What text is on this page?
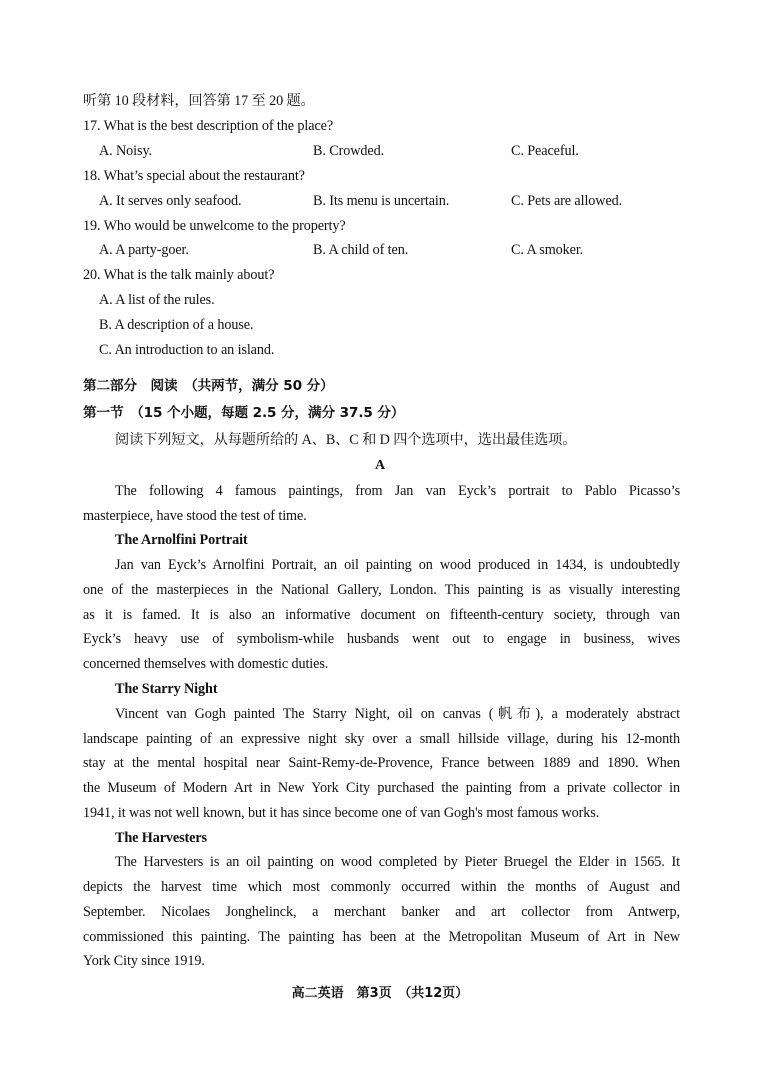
听第 10 段材料，回答第 17 至 20 题。
17. What is the best description of the place?
A. Noisy.	B. Crowded.	C. Peaceful.
18. What’s special about the restaurant?
A. It serves only seafood.	B. Its menu is uncertain.	C. Pets are allowed.
19. Who would be unwelcome to the property?
A. A party-goer.	B. A child of ten.	C. A smoker.
20. What is the talk mainly about?
A. A list of the rules.
B. A description of a house.
C. An introduction to an island.
第二部分　阅读　（共两节，满分 50 分）
第一节　（15 个小题，每题 2.5 分，满分 37.5 分）
阅读下列短文，从每题所给的 A、B、C 和 D 四个选项中，选出最佳选项。
A
The following 4 famous paintings, from Jan van Eyck’s portrait to Pablo Picasso’s
masterpiece, have stood the test of time.
The Arnolfini Portrait
Jan van Eyck’s Arnolfini Portrait, an oil painting on wood produced in 1434, is undoubtedly
one of the masterpieces in the National Gallery, London. This painting is as visually interesting
as it is famed. It is also an informative document on fifteenth-century society, through van
Eyck’s heavy use of symbolism-while husbands went out to engage in business, wives
concerned themselves with domestic duties.
The Starry Night
Vincent van Gogh painted The Starry Night, oil on canvas (帆布), a moderately abstract
landscape painting of an expressive night sky over a small hillside village, during his 12-month
stay at the mental hospital near Saint-Remy-de-Provence, France between 1889 and 1890. When
the Museum of Modern Art in New York City purchased the painting from a private collector in
1941, it was not well known, but it has since become one of van Gogh's most famous works.
The Harvesters
The Harvesters is an oil painting on wood completed by Pieter Bruegel the Elder in 1565. It
depicts the harvest time which most commonly occurred within the months of August and
September. Nicolaes Jonghelinck, a merchant banker and art collector from Antwerp,
commissioned this painting. The painting has been at the Metropolitan Museum of Art in New
York City since 1919.
高二英语　第3页　（共12页）
